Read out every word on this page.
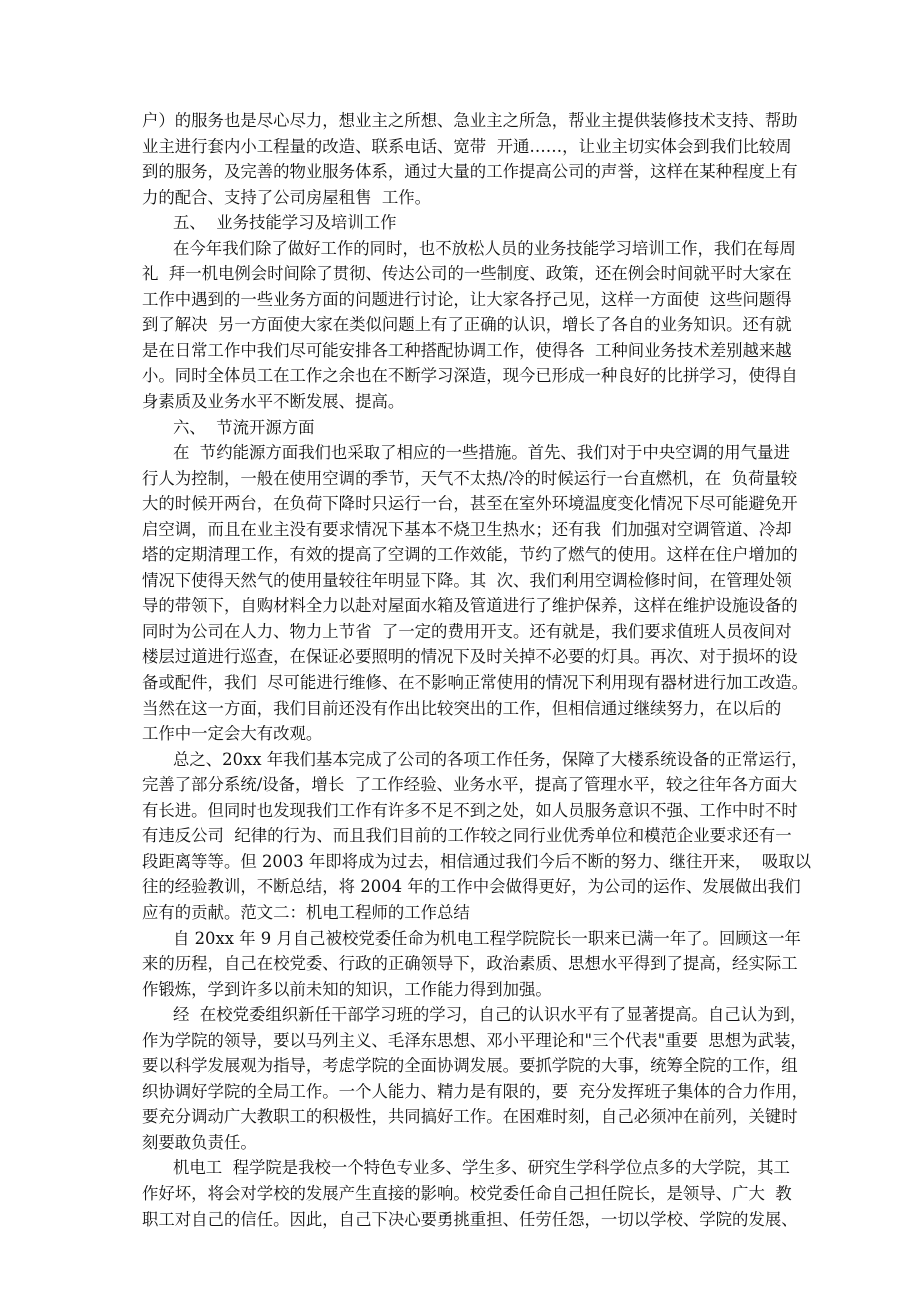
户）的服务也是尽心尽力，想业主之所想、急业主之所急，帮业主提供装修技术支持、帮助
业主进行套内小工程量的改造、联系电话、宽带  开通……，让业主切实体会到我们比较周
到的服务，及完善的物业服务体系，通过大量的工作提高公司的声誉，这样在某种程度上有
力的配合、支持了公司房屋租售  工作。
五、  业务技能学习及培训工作
在今年我们除了做好工作的同时，也不放松人员的业务技能学习培训工作，我们在每周
礼  拜一机电例会时间除了贯彻、传达公司的一些制度、政策，还在例会时间就平时大家在
工作中遇到的一些业务方面的问题进行讨论，让大家各抒己见，这样一方面使  这些问题得
到了解决  另一方面使大家在类似问题上有了正确的认识，增长了各自的业务知识。还有就
是在日常工作中我们尽可能安排各工种搭配协调工作，使得各  工种间业务技术差别越来越
小。同时全体员工在工作之余也在不断学习深造，现今已形成一种良好的比拼学习，使得自
身素质及业务水平不断发展、提高。
六、  节流开源方面
在  节约能源方面我们也采取了相应的一些措施。首先、我们对于中央空调的用气量进
行人为控制，一般在使用空调的季节，天气不太热/冷的时候运行一台直燃机，在  负荷量较
大的时候开两台，在负荷下降时只运行一台，甚至在室外环境温度变化情况下尽可能避免开
启空调，而且在业主没有要求情况下基本不烧卫生热水；还有我  们加强对空调管道、冷却
塔的定期清理工作，有效的提高了空调的工作效能，节约了燃气的使用。这样在住户增加的
情况下使得天然气的使用量较往年明显下降。其  次、我们利用空调检修时间，在管理处领
导的带领下，自购材料全力以赴对屋面水箱及管道进行了维护保养，这样在维护设施设备的
同时为公司在人力、物力上节省  了一定的费用开支。还有就是，我们要求值班人员夜间对
楼层过道进行巡查，在保证必要照明的情况下及时关掉不必要的灯具。再次、对于损坏的设
备或配件，我们  尽可能进行维修、在不影响正常使用的情况下利用现有器材进行加工改造。
当然在这一方面，我们目前还没有作出比较突出的工作，但相信通过继续努力，在以后的
工作中一定会大有改观。
总之、20xx 年我们基本完成了公司的各项工作任务，保障了大楼系统设备的正常运行，
完善了部分系统/设备，增长  了工作经验、业务水平，提高了管理水平，较之往年各方面大
有长进。但同时也发现我们工作有许多不足不到之处，如人员服务意识不强、工作中时不时
有违反公司  纪律的行为、而且我们目前的工作较之同行业优秀单位和模范企业要求还有一
段距离等等。但 2003 年即将成为过去，相信通过我们今后不断的努力、继往开来，  吸取以
往的经验教训，不断总结，将 2004 年的工作中会做得更好，为公司的运作、发展做出我们
应有的贡献。范文二：机电工程师的工作总结
自 20xx 年 9 月自己被校党委任命为机电工程学院院长一职来已满一年了。回顾这一年
来的历程，自己在校党委、行政的正确领导下，政治素质、思想水平得到了提高，经实际工
作锻炼，学到许多以前未知的知识，工作能力得到加强。
经  在校党委组织新任干部学习班的学习，自己的认识水平有了显著提高。自己认为到，
作为学院的领导，要以马列主义、毛泽东思想、邓小平理论和"三个代表"重要  思想为武装，
要以科学发展观为指导，考虑学院的全面协调发展。要抓学院的大事，统筹全院的工作，组
织协调好学院的全局工作。一个人能力、精力是有限的，要  充分发挥班子集体的合力作用，
要充分调动广大教职工的积极性，共同搞好工作。在困难时刻，自己必须冲在前列，关键时
刻要敢负责任。
机电工  程学院是我校一个特色专业多、学生多、研究生学科学位点多的大学院，其工
作好坏，将会对学校的发展产生直接的影响。校党委任命自己担任院长，是领导、广大  教
职工对自己的信任。因此，自己下决心要勇挑重担、任劳任怨，一切以学校、学院的发展、
